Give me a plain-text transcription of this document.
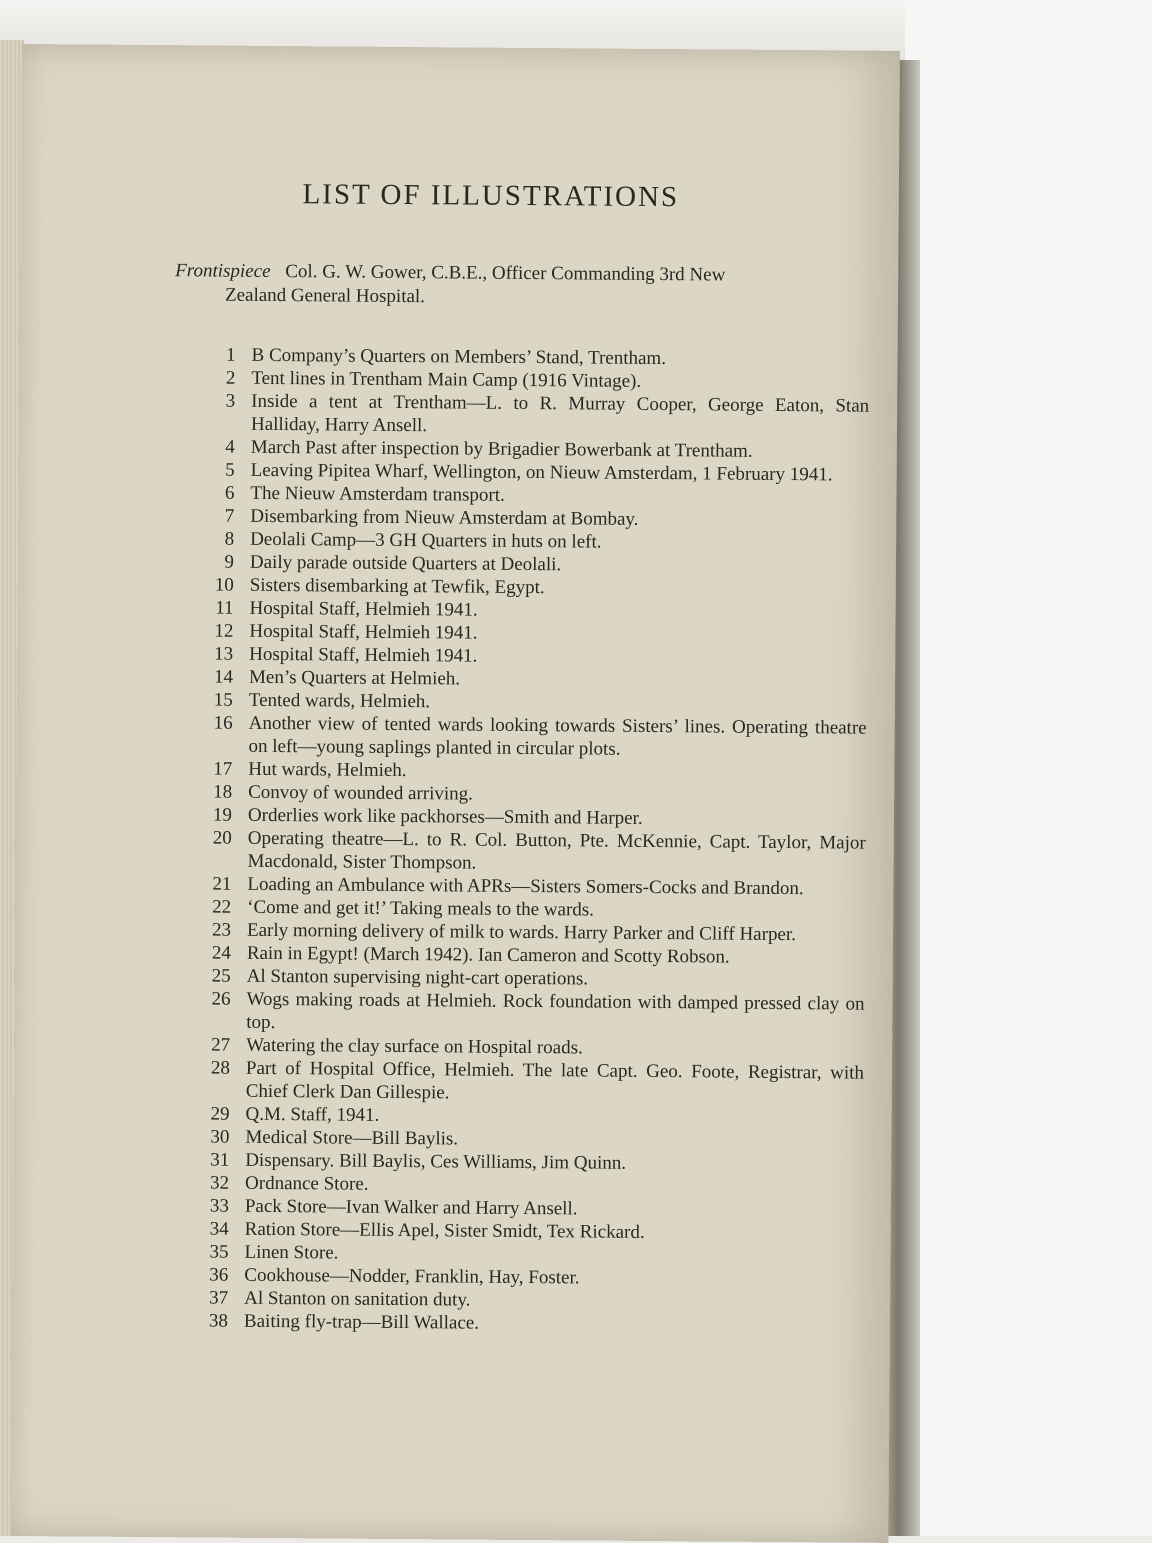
LIST OF ILLUSTRATIONS
Frontispiece Col. G. W. Gower, C.B.E., Officer Commanding 3rd New
Zealand General Hospital.
1 B Company’s Quarters on Members’ Stand, Trentham.
2 Tent lines in Trentham Main Camp (1916 Vintage).
3 Inside a tent at Trentham—L. to R. Murray Cooper, George Eaton, Stan Halliday, Harry Ansell.
4 March Past after inspection by Brigadier Bowerbank at Trentham.
5 Leaving Pipitea Wharf, Wellington, on Nieuw Amsterdam, 1 February 1941.
6 The Nieuw Amsterdam transport.
7 Disembarking from Nieuw Amsterdam at Bombay.
8 Deolali Camp—3 GH Quarters in huts on left.
9 Daily parade outside Quarters at Deolali.
10 Sisters disembarking at Tewfik, Egypt.
11 Hospital Staff, Helmieh 1941.
12 Hospital Staff, Helmieh 1941.
13 Hospital Staff, Helmieh 1941.
14 Men’s Quarters at Helmieh.
15 Tented wards, Helmieh.
16 Another view of tented wards looking towards Sisters’ lines. Operating theatre on left—young saplings planted in circular plots.
17 Hut wards, Helmieh.
18 Convoy of wounded arriving.
19 Orderlies work like packhorses—Smith and Harper.
20 Operating theatre—L. to R. Col. Button, Pte. McKennie, Capt. Taylor, Major Macdonald, Sister Thompson.
21 Loading an Ambulance with APRs—Sisters Somers-Cocks and Brandon.
22 ‘Come and get it!’ Taking meals to the wards.
23 Early morning delivery of milk to wards. Harry Parker and Cliff Harper.
24 Rain in Egypt! (March 1942). Ian Cameron and Scotty Robson.
25 Al Stanton supervising night-cart operations.
26 Wogs making roads at Helmieh. Rock foundation with damped pressed clay on top.
27 Watering the clay surface on Hospital roads.
28 Part of Hospital Office, Helmieh. The late Capt. Geo. Foote, Registrar, with Chief Clerk Dan Gillespie.
29 Q.M. Staff, 1941.
30 Medical Store—Bill Baylis.
31 Dispensary. Bill Baylis, Ces Williams, Jim Quinn.
32 Ordnance Store.
33 Pack Store—Ivan Walker and Harry Ansell.
34 Ration Store—Ellis Apel, Sister Smidt, Tex Rickard.
35 Linen Store.
36 Cookhouse—Nodder, Franklin, Hay, Foster.
37 Al Stanton on sanitation duty.
38 Baiting fly-trap—Bill Wallace.
